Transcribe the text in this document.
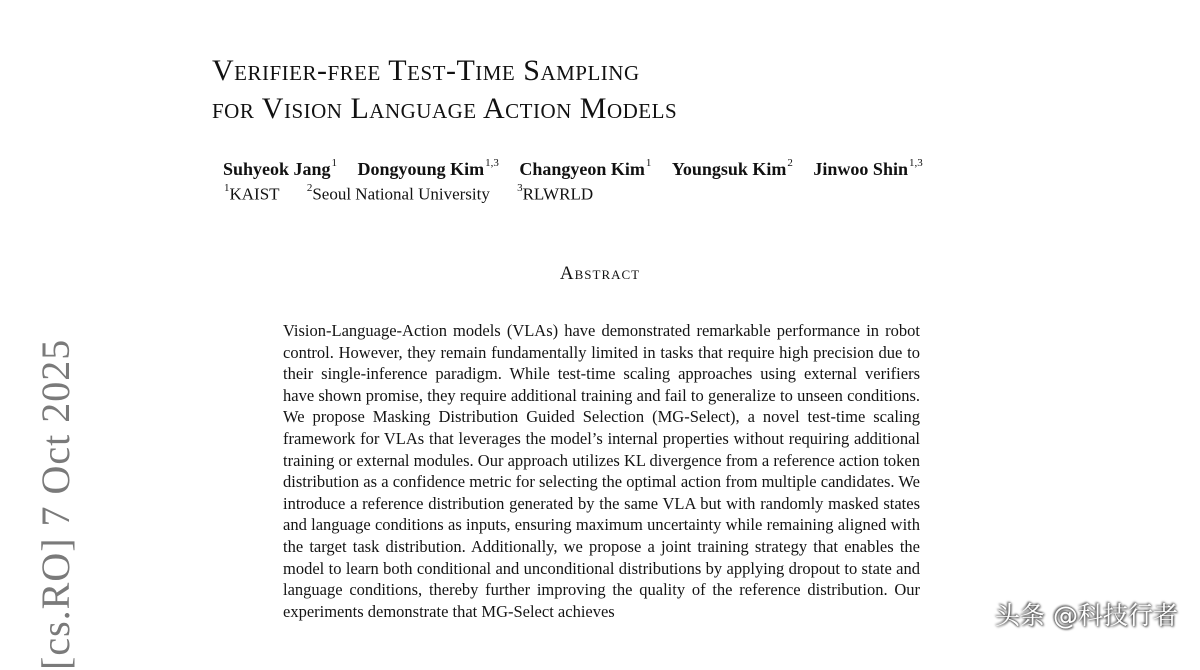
Verifier-free Test-Time Sampling
for Vision Language Action Models
Suhyeok Jang$^1$ Dongyoung Kim$^{1,3}$ Changyeon Kim$^1$ Youngsuk Kim$^2$ Jinwoo Shin$^{1,3}$
$^1$KAIST $^2$Seoul National University $^3$RLWRLD
Abstract
Vision-Language-Action models (VLAs) have demonstrated remarkable performance in robot control. However, they remain fundamentally limited in tasks that require high precision due to their single-inference paradigm. While test-time scaling approaches using external verifiers have shown promise, they require additional training and fail to generalize to unseen conditions. We propose Masking Distribution Guided Selection (MG-Select), a novel test-time scaling framework for VLAs that leverages the model’s internal properties without requiring additional training or external modules. Our approach utilizes KL divergence from a reference action token distribution as a confidence metric for selecting the optimal action from multiple candidates. We introduce a reference distribution generated by the same VLA but with randomly masked states and language conditions as inputs, ensuring maximum uncertainty while remaining aligned with the target task distribution. Additionally, we propose a joint training strategy that enables the model to learn both conditional and unconditional distributions by applying dropout to state and language conditions, thereby further improving the quality of the reference distribution. Our experiments demonstrate that MG-Select achieves
[cs.RO] 7 Oct 2025	头条 @科技行者
